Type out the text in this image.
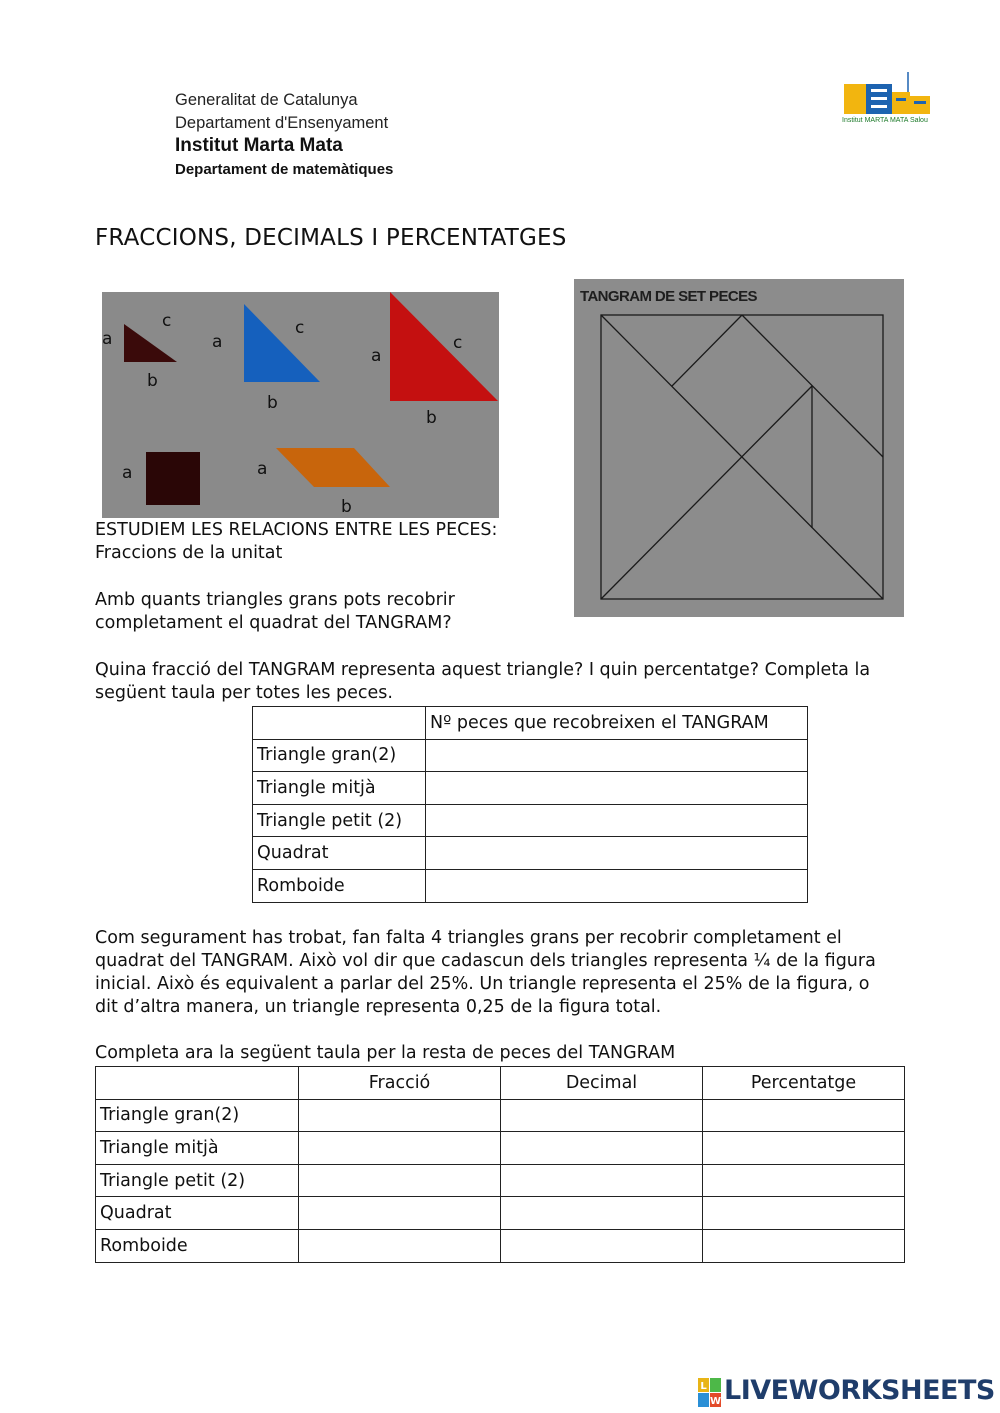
Generalitat de Catalunya
Departament d'Ensenyament
Institut Marta Mata
Departament de matemàtiques
Institut MARTA MATA Salou
FRACCIONS, DECIMALS I PERCENTATGES
a
c
b
a
c
b
a
c
b
a	a
b
TANGRAM DE SET PECES
ESTUDIEM LES RELACIONS ENTRE LES PECES:
Fraccions de la unitat
Amb quants triangles grans pots recobrir
completament el quadrat del TANGRAM?
Quina fracció del TANGRAM representa aquest triangle? I quin percentatge? Completa la
següent taula per totes les peces.
	Nº peces que recobreixen el TANGRAM
Triangle gran(2)	
Triangle mitjà	
Triangle petit (2)	
Quadrat	
Romboide	
Com segurament has trobat, fan falta 4 triangles grans per recobrir completament el
quadrat del TANGRAM. Això vol dir que cadascun dels triangles representa ¼ de la figura
inicial. Això és equivalent a parlar del 25%. Un triangle representa el 25% de la figura, o
dit d’altra manera, un triangle representa 0,25 de la figura total.
Completa ara la següent taula per la resta de peces del TANGRAM
	Fracció	Decimal	Percentatge
Triangle gran(2)			
Triangle mitjà			
Triangle petit (2)			
Quadrat			
Romboide			
L
W LIVEWORKSHEETS
